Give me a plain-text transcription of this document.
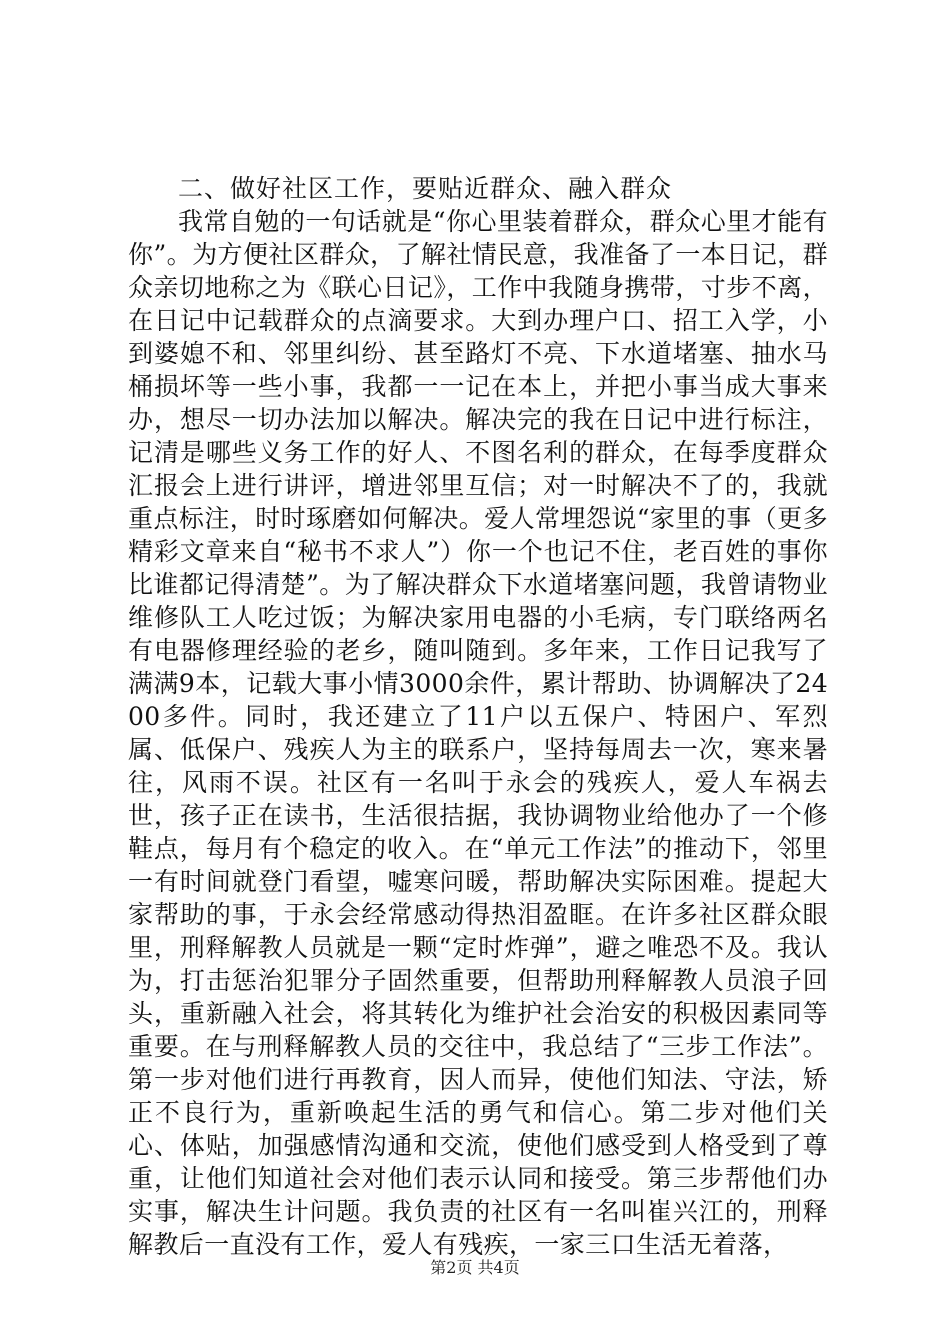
二、做好社区工作，要贴近群众、融入群众

我常自勉的一句话就是“你心里装着群众，群众心里才能有你”。为方便社区群众，了解社情民意，我准备了一本日记，群众亲切地称之为《联心日记》，工作中我随身携带，寸步不离，在日记中记载群众的点滴要求。大到办理户口、招工入学，小到婆媳不和、邻里纠纷、甚至路灯不亮、下水道堵塞、抽水马桶损坏等一些小事，我都一一记在本上，并把小事当成大事来办，想尽一切办法加以解决。解决完的我在日记中进行标注，记清是哪些义务工作的好人、不图名利的群众，在每季度群众汇报会上进行讲评，增进邻里互信；对一时解决不了的，我就重点标注，时时琢磨如何解决。爱人常埋怨说“家里的事（更多精彩文章来自“秘书不求人”）你一个也记不住，老百姓的事你比谁都记得清楚”。为了解决群众下水道堵塞问题，我曾请物业维修队工人吃过饭；为解决家用电器的小毛病，专门联络两名有电器修理经验的老乡，随叫随到。多年来，工作日记我写了满满9本，记载大事小情3000余件，累计帮助、协调解决了2400多件。同时，我还建立了11户以五保户、特困户、军烈属、低保户、残疾人为主的联系户，坚持每周去一次，寒来暑往，风雨不误。社区有一名叫于永会的残疾人，爱人车祸去世，孩子正在读书，生活很拮据，我协调物业给他办了一个修鞋点，每月有个稳定的收入。在“单元工作法”的推动下，邻里一有时间就登门看望，嘘寒问暖，帮助解决实际困难。提起大家帮助的事，于永会经常感动得热泪盈眶。在许多社区群众眼里，刑释解教人员就是一颗“定时炸弹”，避之唯恐不及。我认为，打击惩治犯罪分子固然重要，但帮助刑释解教人员浪子回头，重新融入社会，将其转化为维护社会治安的积极因素同等重要。在与刑释解教人员的交往中，我总结了“三步工作法”。第一步对他们进行再教育，因人而异，使他们知法、守法，矫正不良行为，重新唤起生活的勇气和信心。第二步对他们关心、体贴，加强感情沟通和交流，使他们感受到人格受到了尊重，让他们知道社会对他们表示认同和接受。第三步帮他们办实事，解决生计问题。我负责的社区有一名叫崔兴江的，刑释解教后一直没有工作，爱人有残疾，一家三口生活无着落，

第2页 共4页
